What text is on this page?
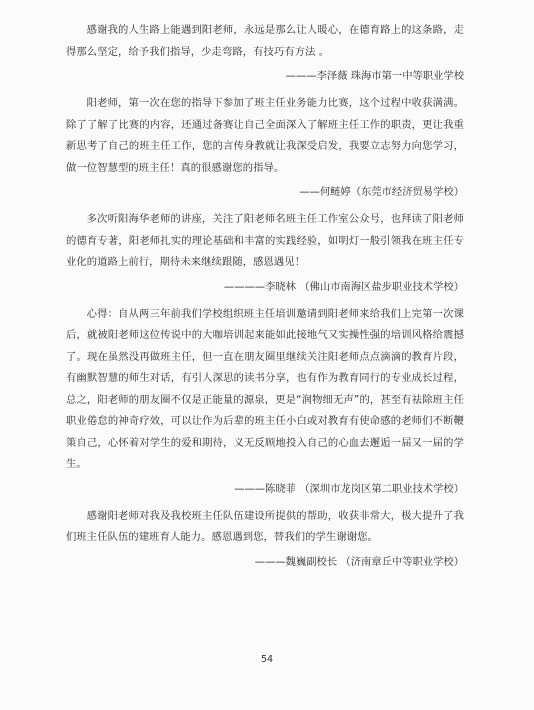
感谢我的人生路上能遇到阳老师，永远是那么让人暖心，在德育路上的这条路，走得那么坚定，给予我们指导，少走弯路，有技巧有方法 。

———李泽薇 珠海市第一中等职业学校

阳老师，第一次在您的指导下参加了班主任业务能力比赛，这个过程中收获满满。除了了解了比赛的内容，还通过备赛让自己全面深入了解班主任工作的职责，更让我重新思考了自己的班主任工作，您的言传身教就让我深受启发，我要立志努力向您学习，做一位智慧型的班主任！真的很感谢您的指导。

——何鲢婷（东莞市经济贸易学校）

多次听阳海华老师的讲座，关注了阳老师名班主任工作室公众号，也拜读了阳老师的德育专著，阳老师扎实的理论基础和丰富的实践经验，如明灯一般引领我在班主任专业化的道路上前行，期待未来继续跟随，感恩遇见！

————李晓林 （佛山市南海区盐步职业技术学校）

心得：自从两三年前我们学校组织班主任培训邀请到阳老师来给我们上完第一次课后，就被阳老师这位传说中的大咖培训起来能如此接地气又实操性强的培训风格给震撼了。现在虽然没再做班主任，但一直在朋友圈里继续关注阳老师点点滴滴的教育片段，有幽默智慧的师生对话，有引人深思的读书分享，也有作为教育同行的专业成长过程，总之，阳老师的朋友圈不仅是正能量的源泉，更是“润物细无声”的，甚至有祛除班主任职业倦怠的神奇疗效，可以让作为后辈的班主任小白或对教育有使命感的老师们不断鞭策自己，心怀着对学生的爱和期待，义无反顾地投入自己的心血去邂逅一届又一届的学生。

———陈晓菲 （深圳市龙岗区第二职业技术学校）

感谢阳老师对我及我校班主任队伍建设所提供的帮助，收获非常大，极大提升了我们班主任队伍的建班育人能力。感恩遇到您，替我们的学生谢谢您。

———魏巍副校长 （济南章丘中等职业学校）
54
